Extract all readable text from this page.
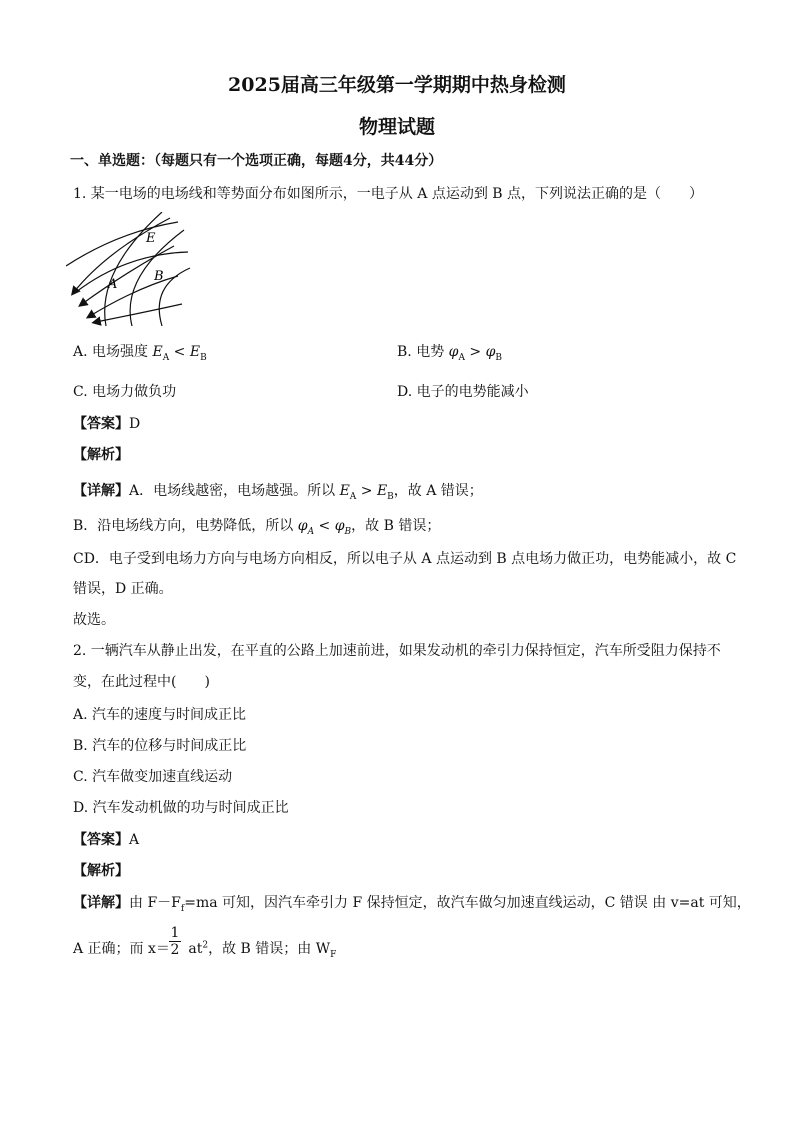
2025届高三年级第一学期期中热身检测
物理试题
一、单选题：（每题只有一个选项正确，每题4分，共44分）
1. 某一电场的电场线和等势面分布如图所示，一电子从 A 点运动到 B 点，下列说法正确的是（　　）
E
A
B
A. 电场强度 $E_A < E_B$	B. 电势 $\varphi_A > \varphi_B$
C. 电场力做负功	D. 电子的电势能减小
【答案】D
【解析】
【详解】A．电场线越密，电场越强。所以 $E_A > E_B$，故 A 错误；
B．沿电场线方向，电势降低，所以 $\varphi_A < \varphi_B$，故 B 错误；
CD．电子受到电场力方向与电场方向相反，所以电子从 A 点运动到 B 点电场力做正功，电势能减小，故 C
错误，D 正确。
故选。
2. 一辆汽车从静止出发，在平直的公路上加速前进，如果发动机的牵引力保持恒定，汽车所受阻力保持不
变，在此过程中(　　)
A. 汽车的速度与时间成正比
B. 汽车的位移与时间成正比
C. 汽车做变加速直线运动
D. 汽车发动机做的功与时间成正比
【答案】A
【解析】
【详解】由 $F-F_f=ma$ 可知，因汽车牵引力 F 保持恒定，故汽车做匀加速直线运动，C 错误 由 v=at 可知，
A 正确；而 $x= at^2$，故 B 错误；由 $W_F$
1
2
